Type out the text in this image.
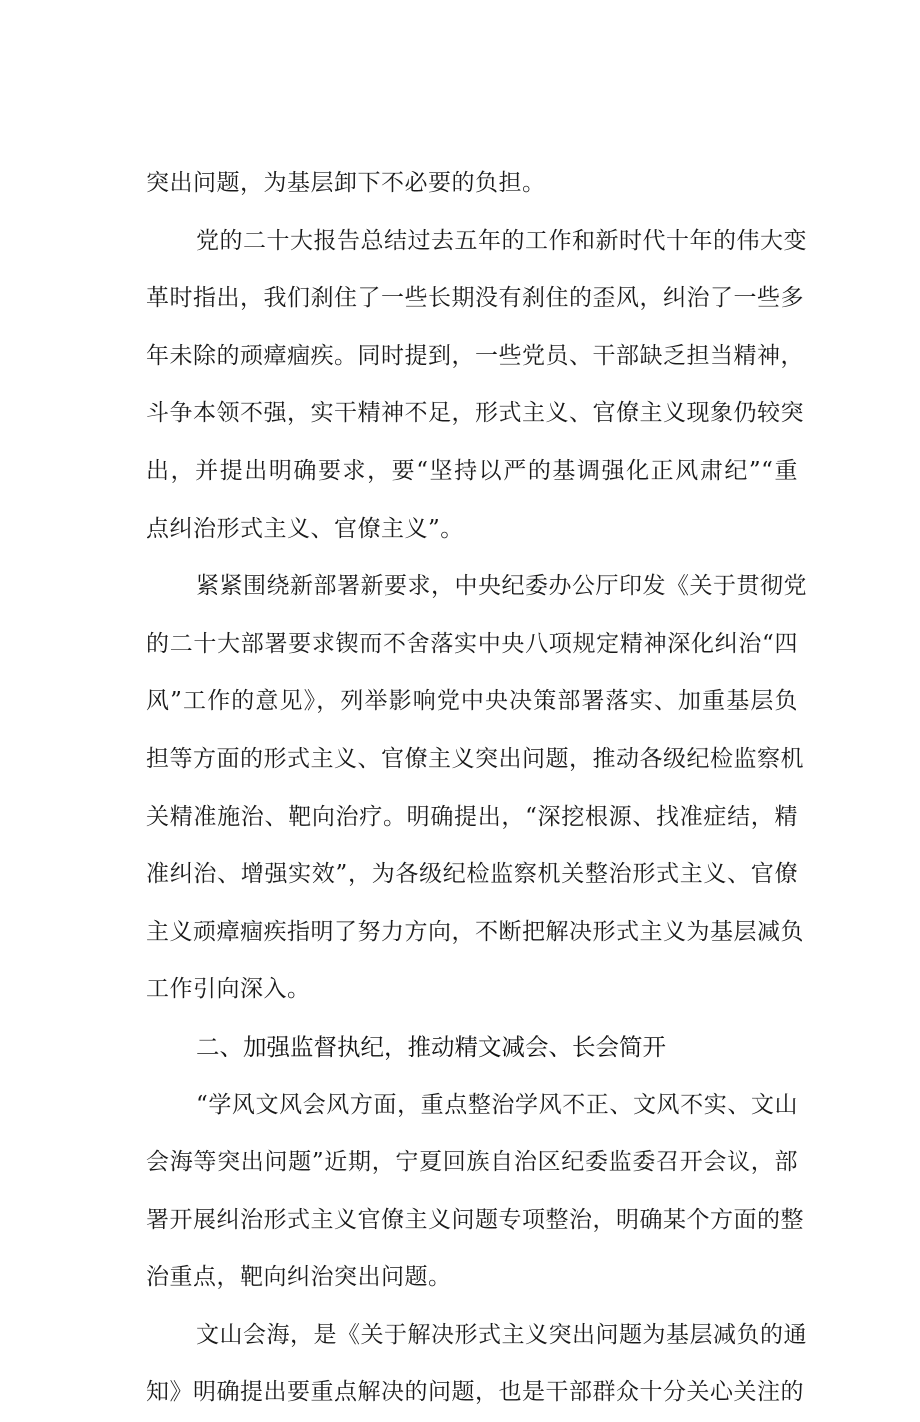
突出问题，为基层卸下不必要的负担。
党的二十大报告总结过去五年的工作和新时代十年的伟大变
革时指出，我们刹住了一些长期没有刹住的歪风，纠治了一些多
年未除的顽瘴痼疾。同时提到，一些党员、干部缺乏担当精神，
斗争本领不强，实干精神不足，形式主义、官僚主义现象仍较突
出，并提出明确要求，要“坚持以严的基调强化正风肃纪”“重
点纠治形式主义、官僚主义”。
紧紧围绕新部署新要求，中央纪委办公厅印发《关于贯彻党
的二十大部署要求锲而不舍落实中央八项规定精神深化纠治“四
风”工作的意见》，列举影响党中央决策部署落实、加重基层负
担等方面的形式主义、官僚主义突出问题，推动各级纪检监察机
关精准施治、靶向治疗。明确提出，“深挖根源、找准症结，精
准纠治、增强实效”，为各级纪检监察机关整治形式主义、官僚
主义顽瘴痼疾指明了努力方向，不断把解决形式主义为基层减负
工作引向深入。
二、加强监督执纪，推动精文减会、长会简开
“学风文风会风方面，重点整治学风不正、文风不实、文山
会海等突出问题”近期，宁夏回族自治区纪委监委召开会议，部
署开展纠治形式主义官僚主义问题专项整治，明确某个方面的整
治重点，靶向纠治突出问题。
文山会海，是《关于解决形式主义突出问题为基层减负的通
知》明确提出要重点解决的问题，也是干部群众十分关心关注的
